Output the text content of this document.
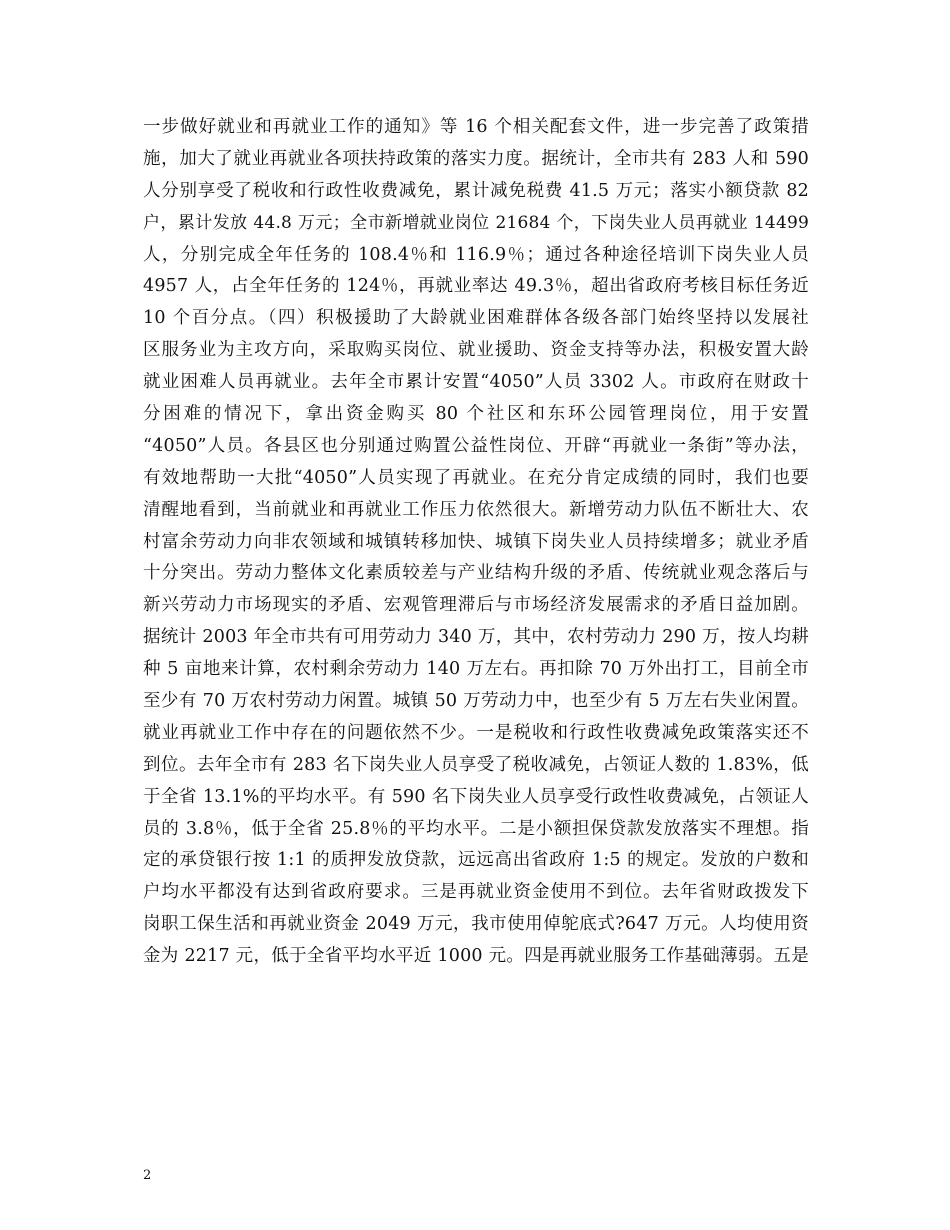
一步做好就业和再就业工作的通知》等 16 个相关配套文件，进一步完善了政策措
施，加大了就业再就业各项扶持政策的落实力度。据统计，全市共有 283 人和 590
人分别享受了税收和行政性收费减免，累计减免税费 41.5 万元；落实小额贷款 82
户，累计发放 44.8 万元；全市新增就业岗位 21684 个，下岗失业人员再就业 14499
人，分别完成全年任务的 108.4％和 116.9％；通过各种途径培训下岗失业人员
4957 人，占全年任务的 124％，再就业率达 49.3％，超出省政府考核目标任务近
10 个百分点。（四）积极援助了大龄就业困难群体各级各部门始终坚持以发展社
区服务业为主攻方向，采取购买岗位、就业援助、资金支持等办法，积极安置大龄
就业困难人员再就业。去年全市累计安置“4050”人员 3302 人。市政府在财政十
分困难的情况下，拿出资金购买 80 个社区和东环公园管理岗位，用于安置
“4050”人员。各县区也分别通过购置公益性岗位、开辟“再就业一条街”等办法，
有效地帮助一大批“4050”人员实现了再就业。在充分肯定成绩的同时，我们也要
清醒地看到，当前就业和再就业工作压力依然很大。新增劳动力队伍不断壮大、农
村富余劳动力向非农领域和城镇转移加快、城镇下岗失业人员持续增多；就业矛盾
十分突出。劳动力整体文化素质较差与产业结构升级的矛盾、传统就业观念落后与
新兴劳动力市场现实的矛盾、宏观管理滞后与市场经济发展需求的矛盾日益加剧。
据统计 2003 年全市共有可用劳动力 340 万，其中，农村劳动力 290 万，按人均耕
种 5 亩地来计算，农村剩余劳动力 140 万左右。再扣除 70 万外出打工，目前全市
至少有 70 万农村劳动力闲置。城镇 50 万劳动力中，也至少有 5 万左右失业闲置。
就业再就业工作中存在的问题依然不少。一是税收和行政性收费减免政策落实还不
到位。去年全市有 283 名下岗失业人员享受了税收减免，占领证人数的 1.83%，低
于全省 13.1%的平均水平。有 590 名下岗失业人员享受行政性收费减免，占领证人
员的 3.8％，低于全省 25.8％的平均水平。二是小额担保贷款发放落实不理想。指
定的承贷银行按 1:1 的质押发放贷款，远远高出省政府 1:5 的规定。发放的户数和
户均水平都没有达到省政府要求。三是再就业资金使用不到位。去年省财政拨发下
岗职工保生活和再就业资金 2049 万元，我市使用倬鸵底式?647 万元。人均使用资
金为 2217 元，低于全省平均水平近 1000 元。四是再就业服务工作基础薄弱。五是
2
